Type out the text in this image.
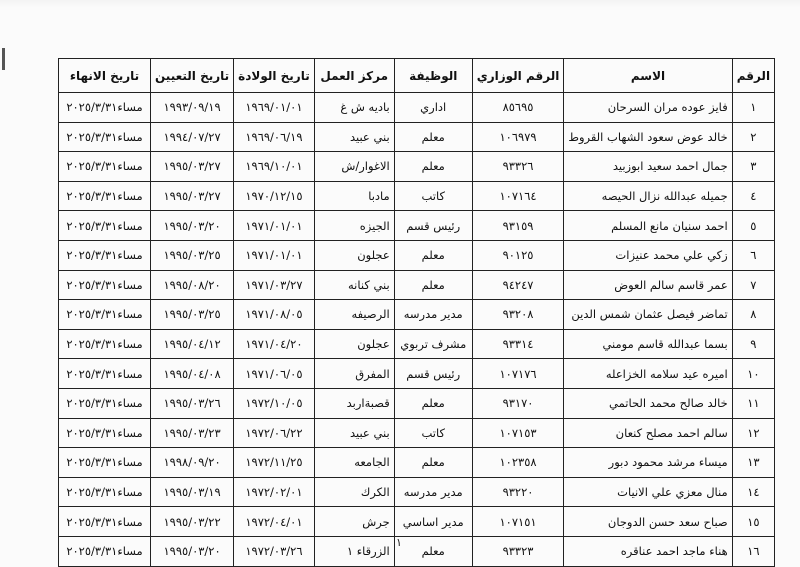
الرقم	الاسم	الرقم الوزاري	الوظيفة	مركز العمل	تاريخ الولادة	تاريخ التعيين	تاريخ الانهاء
١	فايز عوده مران السرحان	٨٥٦٩٥	اداري	باديه ش غ	١٩٦٩/٠١/٠١	١٩٩٣/٠٩/١٩	مساء٢٠٢٥/٣/٣١
٢	خالد عوض سعود الشهاب القروط	١٠٦٩٧٩	معلم	بني عبيد	١٩٦٩/٠٦/١٩	١٩٩٤/٠٧/٢٧	مساء٢٠٢٥/٣/٣١
٣	جمال احمد سعيد ابوزبيد	٩٣٣٢٦	معلم	الاغوار/ش	١٩٦٩/١٠/٠١	١٩٩٥/٠٣/٢٧	مساء٢٠٢٥/٣/٣١
٤	جميله عبدالله نزال الحيصه	١٠٧١٦٤	كاتب	مادبا	١٩٧٠/١٢/١٥	١٩٩٥/٠٣/٢٧	مساء٢٠٢٥/٣/٣١
٥	احمد سنيان مانع المسلم	٩٣١٥٩	رئيس قسم	الجيزه	١٩٧١/٠١/٠١	١٩٩٥/٠٣/٢٠	مساء٢٠٢٥/٣/٣١
٦	زكي علي محمد عنيزات	٩٠١٢٥	معلم	عجلون	١٩٧١/٠١/٠١	١٩٩٥/٠٣/٢٥	مساء٢٠٢٥/٣/٣١
٧	عمر قاسم سالم العوض	٩٤٢٤٧	معلم	بني كنانه	١٩٧١/٠٣/٢٧	١٩٩٥/٠٨/٢٠	مساء٢٠٢٥/٣/٣١
٨	تماضر فيصل عثمان شمس الدين	٩٣٢٠٨	مدير مدرسه	الرصيفه	١٩٧١/٠٨/٠٥	١٩٩٥/٠٣/٢٥	مساء٢٠٢٥/٣/٣١
٩	بسما عبدالله قاسم مومني	٩٣٣١٤	مشرف تربوي	عجلون	١٩٧١/٠٤/٢٠	١٩٩٥/٠٤/١٢	مساء٢٠٢٥/٣/٣١
١٠	اميره عيد سلامه الخزاعله	١٠٧١٧٦	رئيس قسم	المفرق	١٩٧١/٠٦/٠٥	١٩٩٥/٠٤/٠٨	مساء٢٠٢٥/٣/٣١
١١	خالد صالح محمد الحاتمي	٩٣١٧٠	معلم	قصبةاربد	١٩٧٢/١٠/٠٥	١٩٩٥/٠٣/٢٦	مساء٢٠٢٥/٣/٣١
١٢	سالم احمد مصلح كنعان	١٠٧١٥٣	كاتب	بني عبيد	١٩٧٢/٠٦/٢٢	١٩٩٥/٠٣/٢٣	مساء٢٠٢٥/٣/٣١
١٣	ميساء مرشد محمود دبور	١٠٢٣٥٨	معلم	الجامعه	١٩٧٢/١١/٢٥	١٩٩٨/٠٩/٢٠	مساء٢٠٢٥/٣/٣١
١٤	منال معزي علي الانيات	٩٣٢٢٠	مدير مدرسه	الكرك	١٩٧٢/٠٢/٠١	١٩٩٥/٠٣/١٩	مساء٢٠٢٥/٣/٣١
١٥	صباح سعد حسن الدوجان	١٠٧١٥١	مدير اساسي	جرش	١٩٧٢/٠٤/٠١	١٩٩٥/٠٣/٢٢	مساء٢٠٢٥/٣/٣١
١٦	هناء ماجد احمد عناقره	٩٣٣٢٣	معلم	الزرقاء ١	١٩٧٢/٠٣/٢٦	١٩٩٥/٠٣/٢٠	مساء٢٠٢٥/٣/٣١
١
